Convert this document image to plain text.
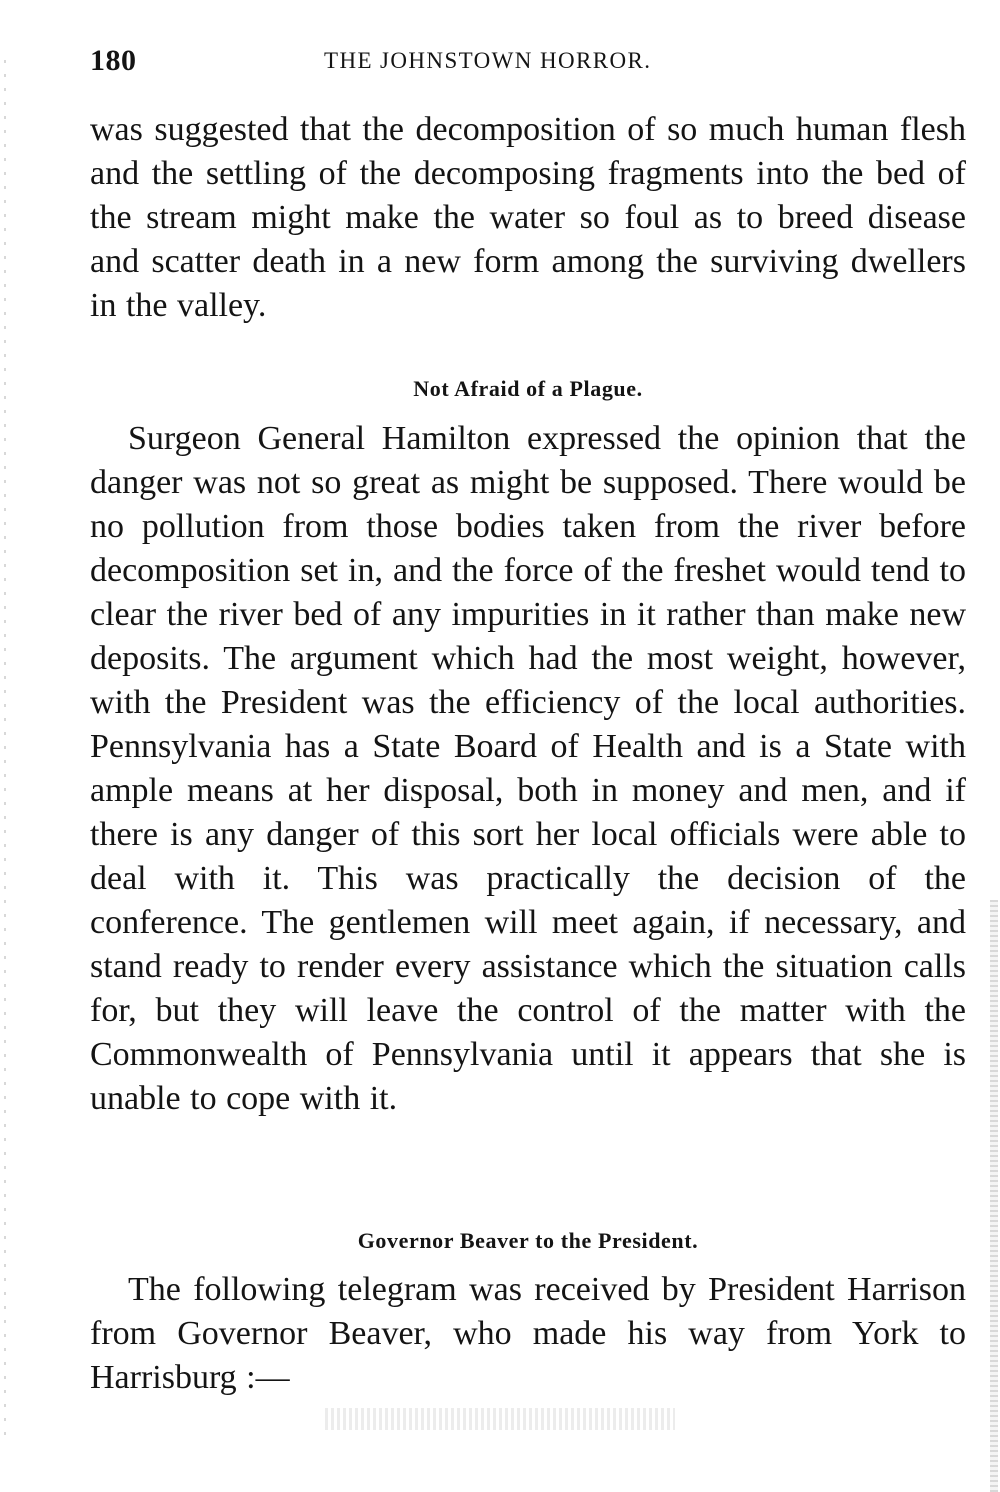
180	THE JOHNSTOWN HORROR.

was suggested that the decomposition of so much human flesh and the settling of the decomposing fragments into the bed of the stream might make the water so foul as to breed disease and scatter death in a new form among the surviving dwellers in the valley.

Not Afraid of a Plague.

Surgeon General Hamilton expressed the opinion that the danger was not so great as might be supposed. There would be no pollution from those bodies taken from the river before decomposition set in, and the force of the freshet would tend to clear the river bed of any impurities in it rather than make new deposits. The argument which had the most weight, however, with the President was the efficiency of the local authorities. Pennsylvania has a State Board of Health and is a State with ample means at her disposal, both in money and men, and if there is any danger of this sort her local officials were able to deal with it. This was practically the decision of the conference. The gentlemen will meet again, if necessary, and stand ready to render every assistance which the situation calls for, but they will leave the control of the matter with the Commonwealth of Pennsylvania until it appears that she is unable to cope with it.

Governor Beaver to the President.

The following telegram was received by President Harrison from Governor Beaver, who made his way from York to Harrisburg :—
